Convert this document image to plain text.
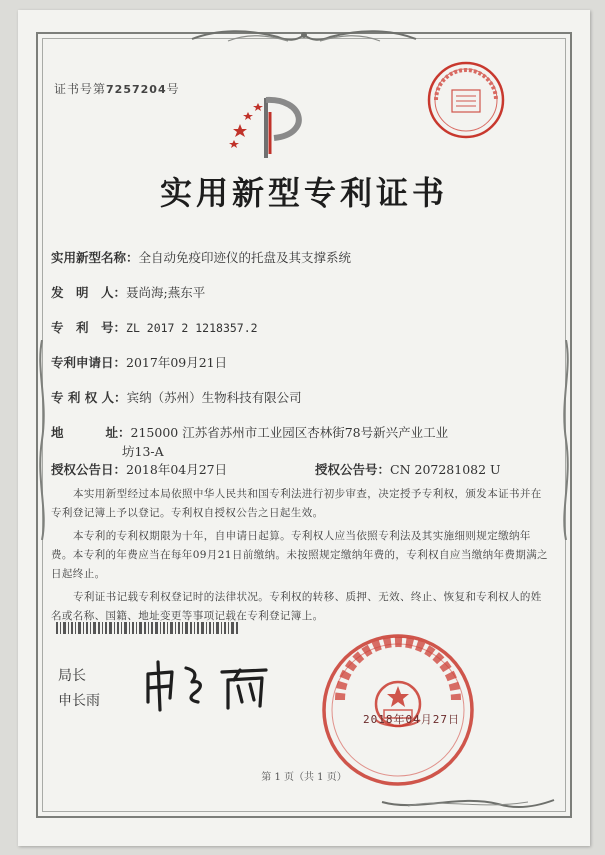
证书号第7257204号
实用新型专利证书
实用新型名称：全自动免疫印迹仪的托盘及其支撑系统
发　明　人：聂尚海;燕东平
专　利　号：ZL 2017 2 1218357.2
专利申请日：2017年09月21日
专 利 权 人：宾纳（苏州）生物科技有限公司
地	址：215000 江苏省苏州市工业园区杏林街78号新兴产业工业
坊13-A
授权公告日：2018年04月27日	授权公告号：CN 207281082 U
本实用新型经过本局依照中华人民共和国专利法进行初步审查，决定授予专利权，颁发本证书并在专利登记簿上予以登记。专利权自授权公告之日起生效。
本专利的专利权期限为十年，自申请日起算。专利权人应当依照专利法及其实施细则规定缴纳年费。本专利的年费应当在每年09月21日前缴纳。未按照规定缴纳年费的，专利权自应当缴纳年费期满之日起终止。
专利证书记载专利权登记时的法律状况。专利权的转移、质押、无效、终止、恢复和专利权人的姓名或名称、国籍、地址变更等事项记载在专利登记簿上。
局长
申长雨
2018年04月27日
第 1 页（共 1 页）
